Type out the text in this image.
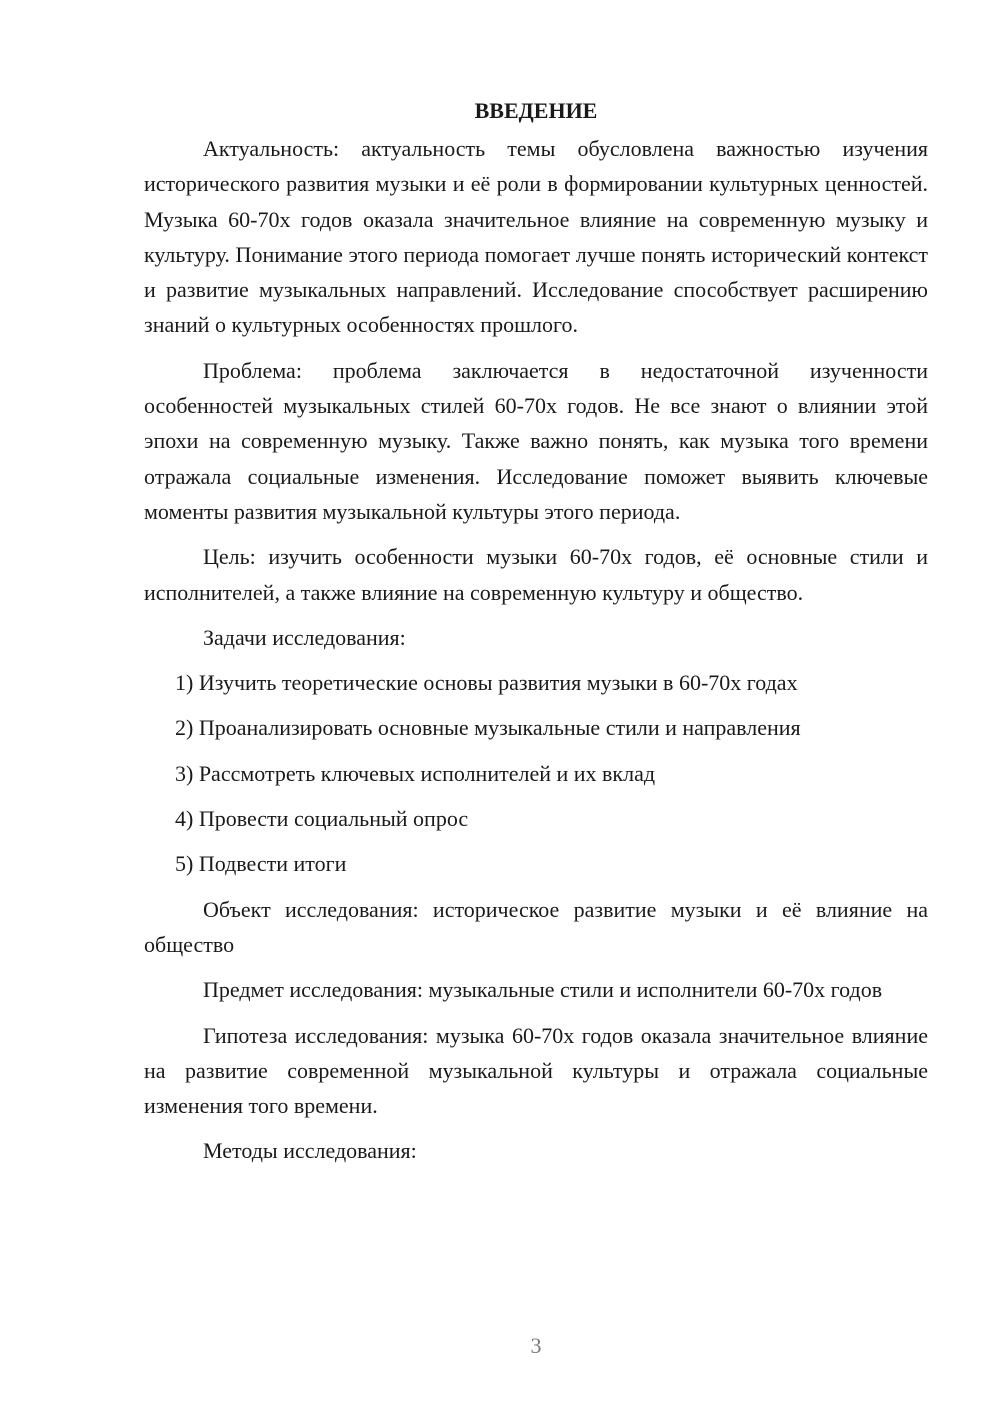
ВВЕДЕНИЕ

Актуальность: актуальность темы обусловлена важностью изучения исторического развития музыки и её роли в формировании культурных ценностей. Музыка 60-70х годов оказала значительное влияние на современную музыку и культуру. Понимание этого периода помогает лучше понять исторический контекст и развитие музыкальных направлений. Исследование способствует расширению знаний о культурных особенностях прошлого.

Проблема: проблема заключается в недостаточной изученности особенностей музыкальных стилей 60-70х годов. Не все знают о влиянии этой эпохи на современную музыку. Также важно понять, как музыка того времени отражала социальные изменения. Исследование поможет выявить ключевые моменты развития музыкальной культуры этого периода.

Цель: изучить особенности музыки 60-70х годов, её основные стили и исполнителей, а также влияние на современную культуру и общество.

Задачи исследования:

1) Изучить теоретические основы развития музыки в 60-70х годах
2) Проанализировать основные музыкальные стили и направления
3) Рассмотреть ключевых исполнителей и их вклад
4) Провести социальный опрос
5) Подвести итоги

Объект исследования: историческое развитие музыки и её влияние на общество

Предмет исследования: музыкальные стили и исполнители 60-70х годов

Гипотеза исследования: музыка 60-70х годов оказала значительное влияние на развитие современной музыкальной культуры и отражала социальные изменения того времени.

Методы исследования:

3
